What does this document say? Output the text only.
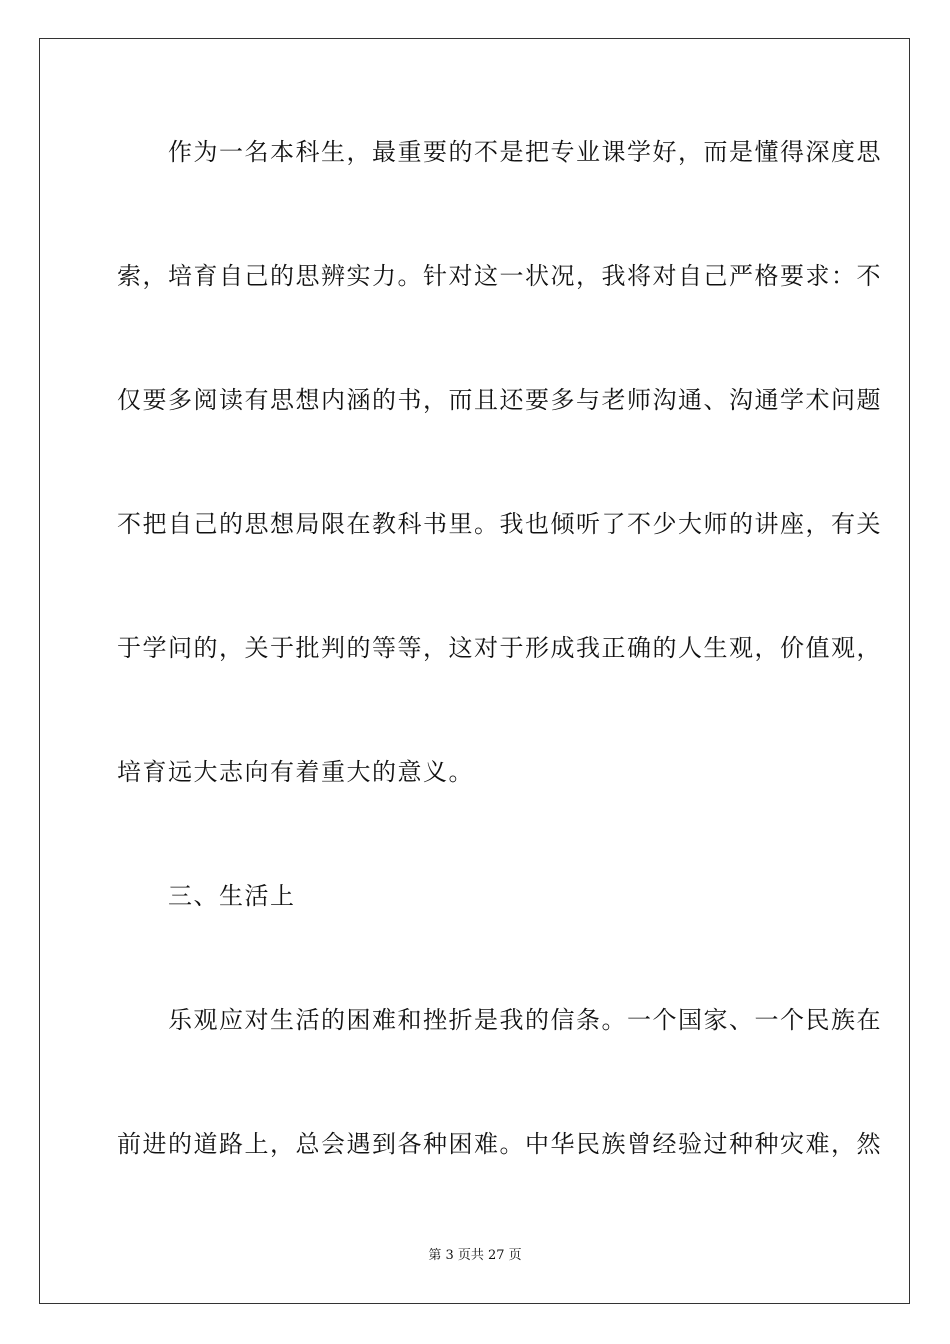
　　作为一名本科生，最重要的不是把专业课学好，而是懂得深度思
索，培育自己的思辨实力。针对这一状况，我将对自己严格要求：不
仅要多阅读有思想内涵的书，而且还要多与老师沟通、沟通学术问题
不把自己的思想局限在教科书里。我也倾听了不少大师的讲座，有关
于学问的，关于批判的等等，这对于形成我正确的人生观，价值观，
培育远大志向有着重大的意义。
　　三、生活上
　　乐观应对生活的困难和挫折是我的信条。一个国家、一个民族在
前进的道路上，总会遇到各种困难。中华民族曾经验过种种灾难，然
第 3 页共 27 页
